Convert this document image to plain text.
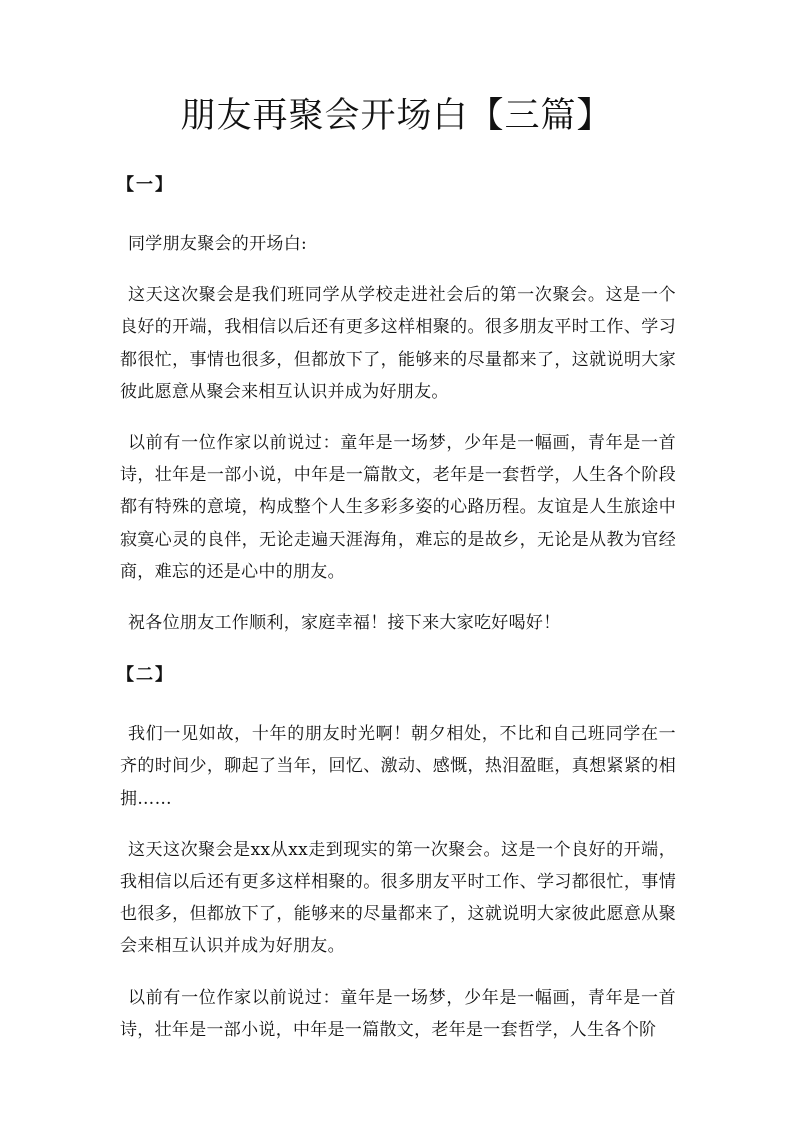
朋友再聚会开场白【三篇】

【一】

同学朋友聚会的开场白:

这天这次聚会是我们班同学从学校走进社会后的第一次聚会。这是一个良好的开端，我相信以后还有更多这样相聚的。很多朋友平时工作、学习都很忙，事情也很多，但都放下了，能够来的尽量都来了，这就说明大家彼此愿意从聚会来相互认识并成为好朋友。

以前有一位作家以前说过：童年是一场梦，少年是一幅画，青年是一首诗，壮年是一部小说，中年是一篇散文，老年是一套哲学，人生各个阶段都有特殊的意境，构成整个人生多彩多姿的心路历程。友谊是人生旅途中寂寞心灵的良伴，无论走遍天涯海角，难忘的是故乡，无论是从教为官经商，难忘的还是心中的朋友。

祝各位朋友工作顺利，家庭幸福！接下来大家吃好喝好！

【二】

我们一见如故，十年的朋友时光啊！朝夕相处，不比和自己班同学在一齐的时间少，聊起了当年，回忆、激动、感慨，热泪盈眶，真想紧紧的相拥……

这天这次聚会是xx从xx走到现实的第一次聚会。这是一个良好的开端，我相信以后还有更多这样相聚的。很多朋友平时工作、学习都很忙，事情也很多，但都放下了，能够来的尽量都来了，这就说明大家彼此愿意从聚会来相互认识并成为好朋友。

以前有一位作家以前说过：童年是一场梦，少年是一幅画，青年是一首诗，壮年是一部小说，中年是一篇散文，老年是一套哲学，人生各个阶
